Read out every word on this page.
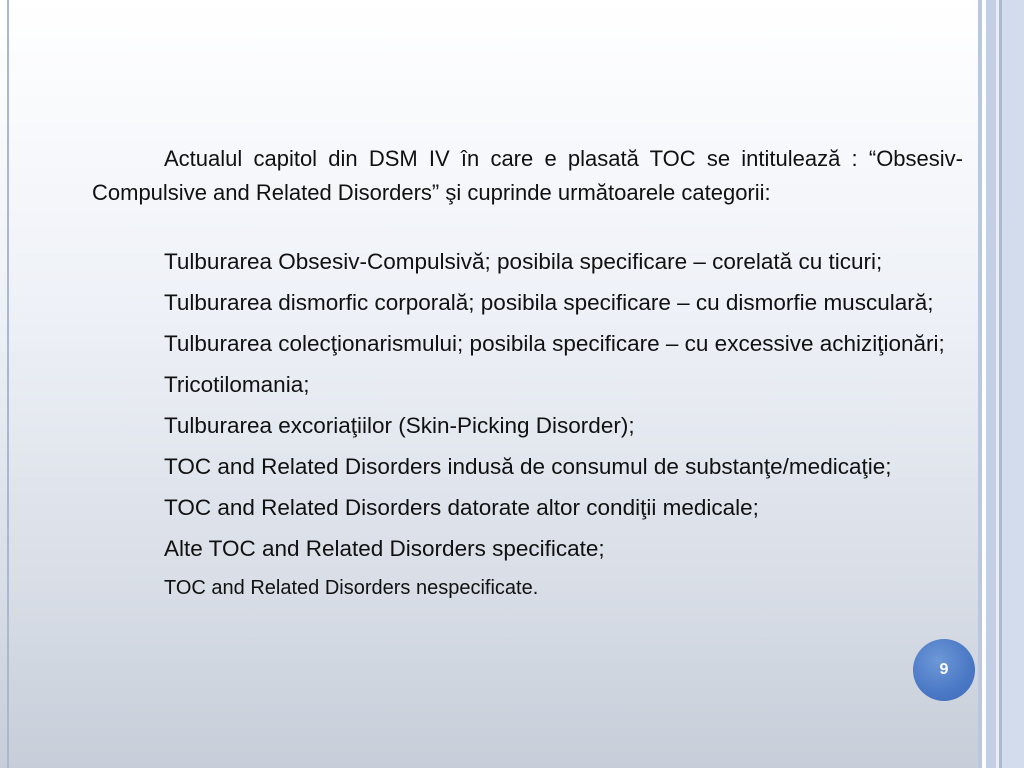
Actualul capitol din DSM IV în care e plasată TOC se intitulează : “Obsesiv-Compulsive and Related Disorders” şi cuprinde următoarele categorii:

Tulburarea Obsesiv-Compulsivă; posibila specificare – corelată cu ticuri;

Tulburarea dismorfic corporală; posibila specificare – cu dismorfie musculară;

Tulburarea colecţionarismului; posibila specificare – cu excessive achiziţionări;

Tricotilomania;

Tulburarea excoriaţiilor (Skin-Picking Disorder);

TOC and Related Disorders indusă de consumul de substanţe/medicaţie;

TOC and Related Disorders datorate altor condiţii medicale;

Alte TOC and Related Disorders specificate;

TOC and Related Disorders nespecificate.

9
